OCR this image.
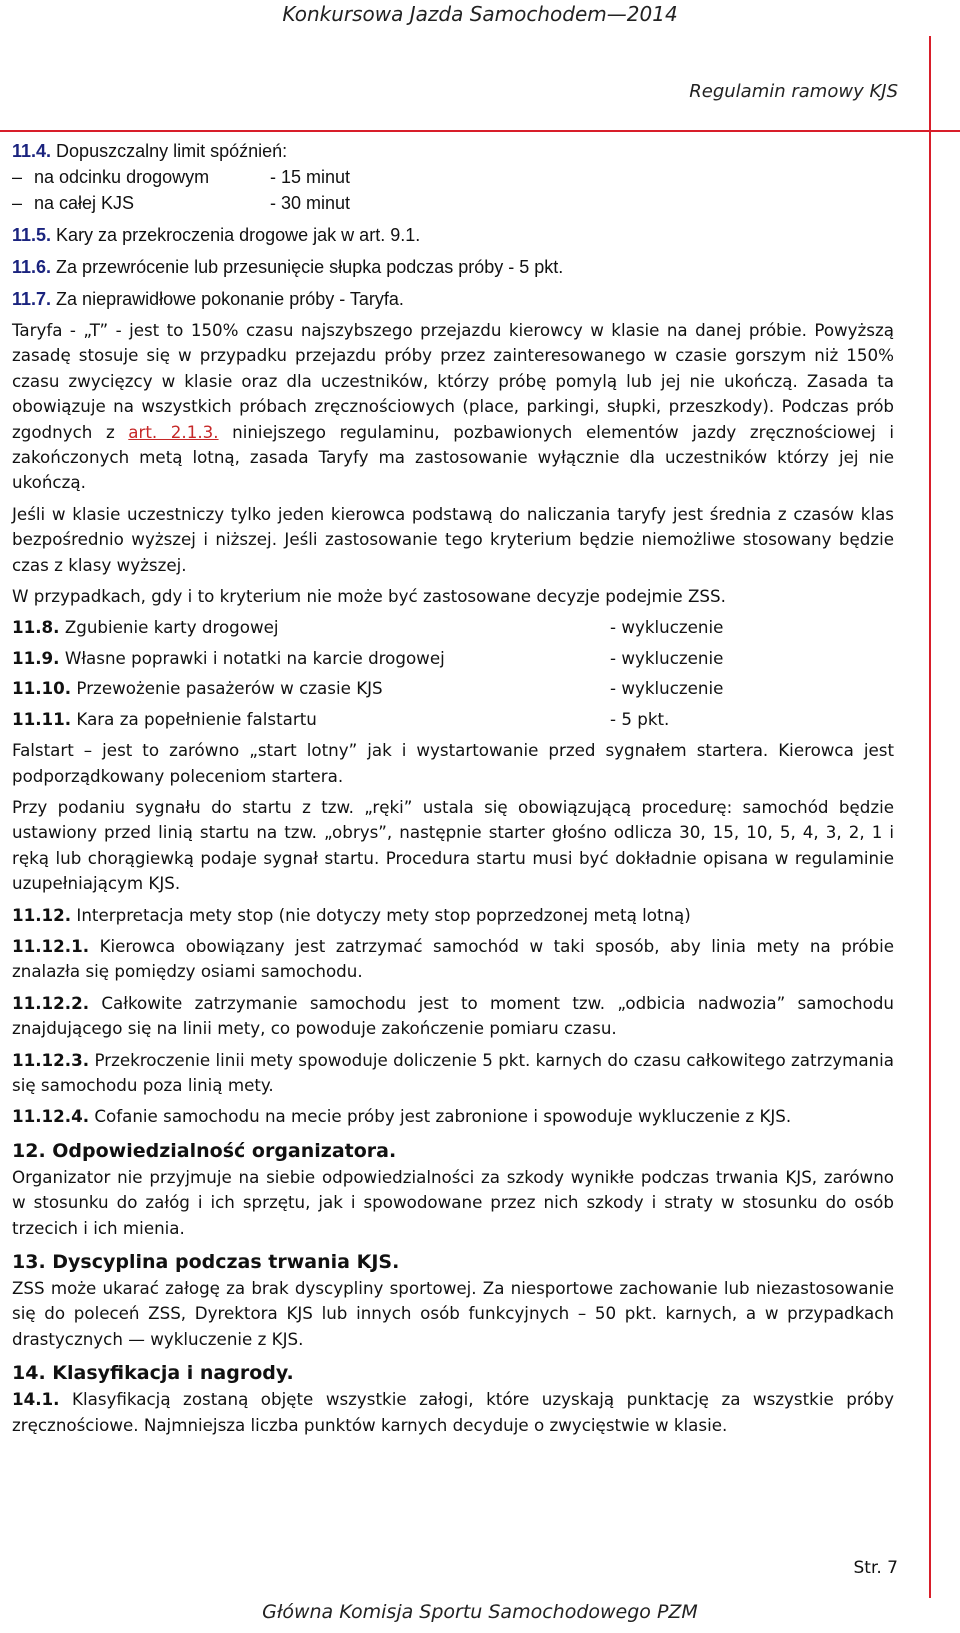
Konkursowa Jazda Samochodem—2014
Regulamin ramowy KJS

11.4. Dopuszczalny limit spóźnień:

– na odcinku drogowym	- 15 minut
– na całej KJS	- 30 minut

11.5. Kary za przekroczenia drogowe jak w art. 9.1.

11.6. Za przewrócenie lub przesunięcie słupka podczas próby - 5 pkt.

11.7. Za nieprawidłowe pokonanie próby - Taryfa.

Taryfa - „T” - jest to 150% czasu najszybszego przejazdu kierowcy w klasie na danej próbie. Powyższą zasadę stosuje się w przypadku przejazdu próby przez zainteresowanego w czasie gorszym niż 150% czasu zwycięzcy w klasie oraz dla uczestników, którzy próbę pomylą lub jej nie ukończą. Zasada ta obowiązuje na wszystkich próbach zręcznościowych (place, parkingi, słupki, przeszkody). Podczas prób zgodnych z art. 2.1.3. niniejszego regulaminu, pozbawionych elementów jazdy zręcznościowej i zakończonych metą lotną, zasada Taryfy ma zastosowanie wyłącznie dla uczestników którzy jej nie ukończą.

Jeśli w klasie uczestniczy tylko jeden kierowca podstawą do naliczania taryfy jest średnia z czasów klas bezpośrednio wyższej i niższej. Jeśli zastosowanie tego kryterium będzie niemożliwe stosowany będzie czas z klasy wyższej.

W przypadkach, gdy i to kryterium nie może być zastosowane decyzje podejmie ZSS.

11.8. Zgubienie karty drogowej	- wykluczenie
11.9. Własne poprawki i notatki na karcie drogowej	- wykluczenie
11.10. Przewożenie pasażerów w czasie KJS	- wykluczenie
11.11. Kara za popełnienie falstartu	- 5 pkt.

Falstart – jest to zarówno „start lotny” jak i wystartowanie przed sygnałem startera. Kierowca jest podporządkowany poleceniom startera.

Przy podaniu sygnału do startu z tzw. „ręki” ustala się obowiązującą procedurę: samochód będzie ustawiony przed linią startu na tzw. „obrys”, następnie starter głośno odlicza 30, 15, 10, 5, 4, 3, 2, 1 i ręką lub chorągiewką podaje sygnał startu. Procedura startu musi być dokładnie opisana w regulaminie uzupełniającym KJS.

11.12. Interpretacja mety stop (nie dotyczy mety stop poprzedzonej metą lotną)

11.12.1. Kierowca obowiązany jest zatrzymać samochód w taki sposób, aby linia mety na próbie znalazła się pomiędzy osiami samochodu.

11.12.2. Całkowite zatrzymanie samochodu jest to moment tzw. „odbicia nadwozia” samochodu znajdującego się na linii mety, co powoduje zakończenie pomiaru czasu.

11.12.3. Przekroczenie linii mety spowoduje doliczenie 5 pkt. karnych do czasu całkowitego zatrzymania się samochodu poza linią mety.

11.12.4. Cofanie samochodu na mecie próby jest zabronione i spowoduje wykluczenie z KJS.

12. Odpowiedzialność organizatora.

Organizator nie przyjmuje na siebie odpowiedzialności za szkody wynikłe podczas trwania KJS, zarówno w stosunku do załóg i ich sprzętu, jak i spowodowane przez nich szkody i straty w stosunku do osób trzecich i ich mienia.

13. Dyscyplina podczas trwania KJS.

ZSS może ukarać załogę za brak dyscypliny sportowej. Za niesportowe zachowanie lub niezastosowanie się do poleceń ZSS, Dyrektora KJS lub innych osób funkcyjnych – 50 pkt. karnych, a w przypadkach drastycznych — wykluczenie z KJS.

14. Klasyfikacja i nagrody.

14.1. Klasyfikacją zostaną objęte wszystkie załogi, które uzyskają punktację za wszystkie próby zręcznościowe. Najmniejsza liczba punktów karnych decyduje o zwycięstwie w klasie.

Str. 7
Główna Komisja Sportu Samochodowego PZM
